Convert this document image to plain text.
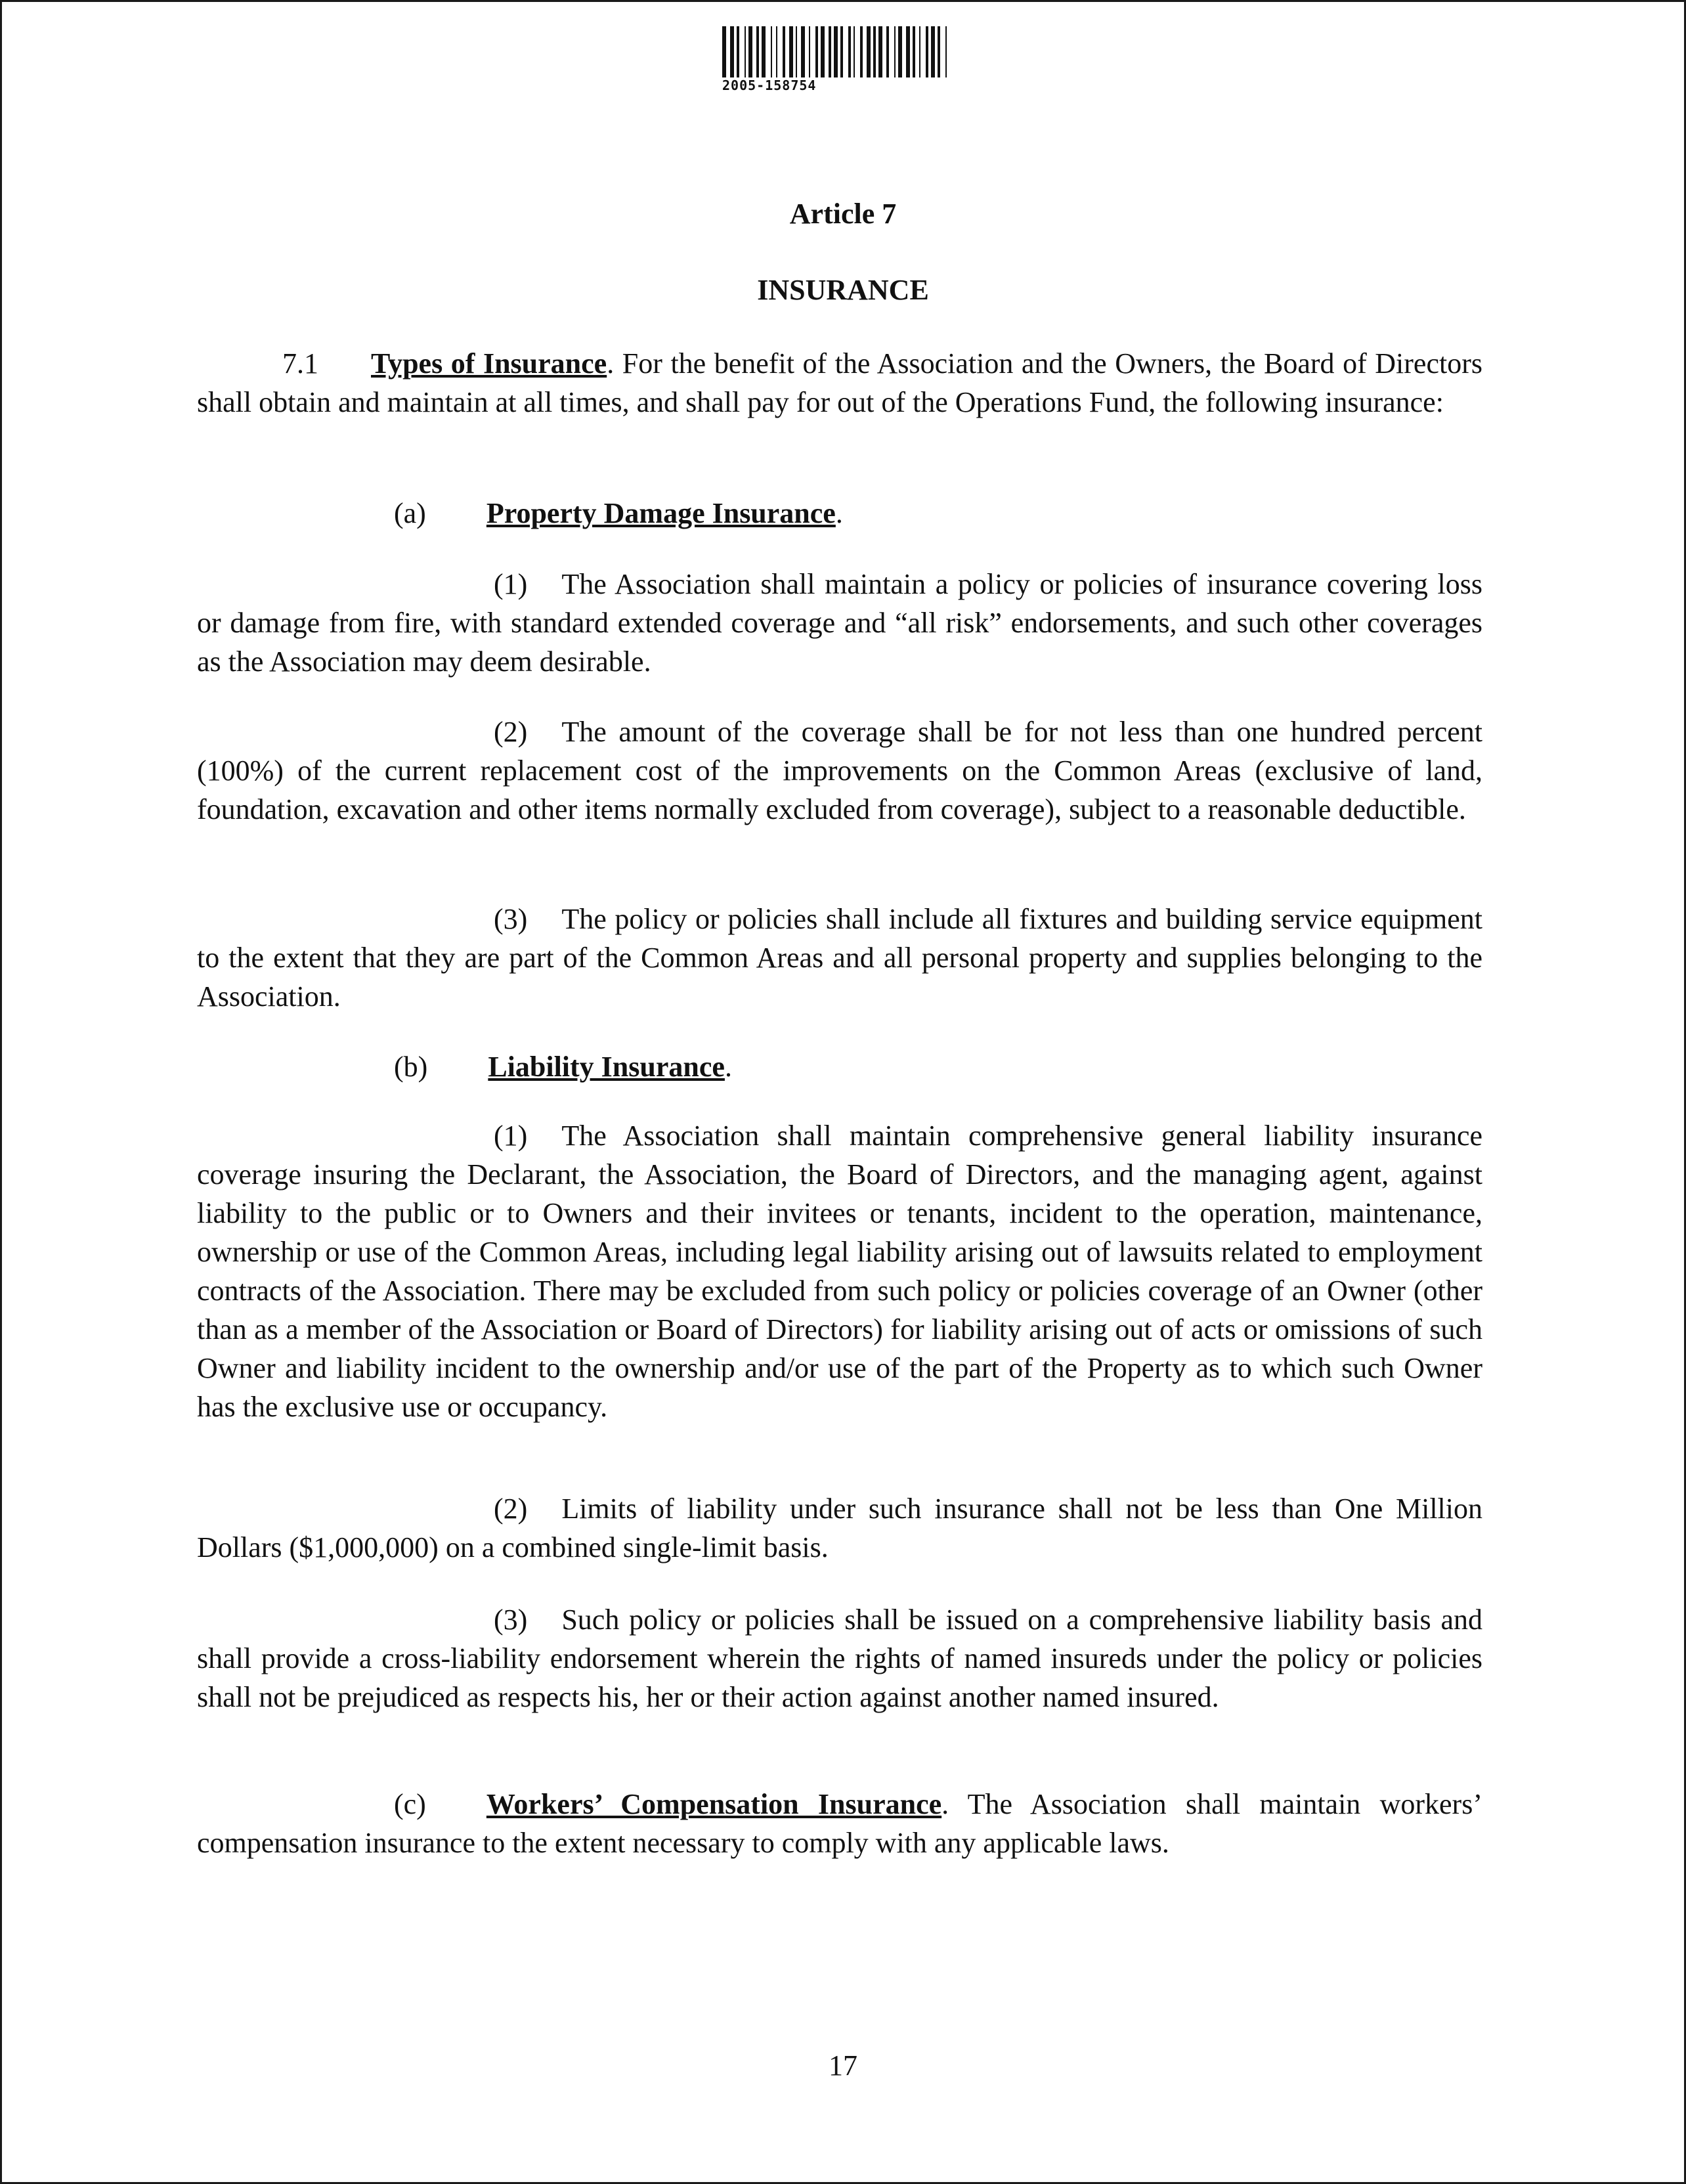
2005-158754
Article 7
INSURANCE
7.1 Types of Insurance. For the benefit of the Association and the Owners, the Board of Directors shall obtain and maintain at all times, and shall pay for out of the Operations Fund, the following insurance:
(a) Property Damage Insurance.
(1) The Association shall maintain a policy or policies of insurance covering loss or damage from fire, with standard extended coverage and “all risk” endorsements, and such other coverages as the Association may deem desirable.
(2) The amount of the coverage shall be for not less than one hundred percent (100%) of the current replacement cost of the improvements on the Common Areas (exclusive of land, foundation, excavation and other items normally excluded from coverage), subject to a reasonable deductible.
(3) The policy or policies shall include all fixtures and building service equipment to the extent that they are part of the Common Areas and all personal property and supplies belonging to the Association.
(b) Liability Insurance.
(1) The Association shall maintain comprehensive general liability insurance coverage insuring the Declarant, the Association, the Board of Directors, and the managing agent, against liability to the public or to Owners and their invitees or tenants, incident to the operation, maintenance, ownership or use of the Common Areas, including legal liability arising out of lawsuits related to employment contracts of the Association. There may be excluded from such policy or policies coverage of an Owner (other than as a member of the Association or Board of Directors) for liability arising out of acts or omissions of such Owner and liability incident to the ownership and/or use of the part of the Property as to which such Owner has the exclusive use or occupancy.
(2) Limits of liability under such insurance shall not be less than One Million Dollars ($1,000,000) on a combined single-limit basis.
(3) Such policy or policies shall be issued on a comprehensive liability basis and shall provide a cross-liability endorsement wherein the rights of named insureds under the policy or policies shall not be prejudiced as respects his, her or their action against another named insured.
(c) Workers’ Compensation Insurance. The Association shall maintain workers’ compensation insurance to the extent necessary to comply with any applicable laws.
17
